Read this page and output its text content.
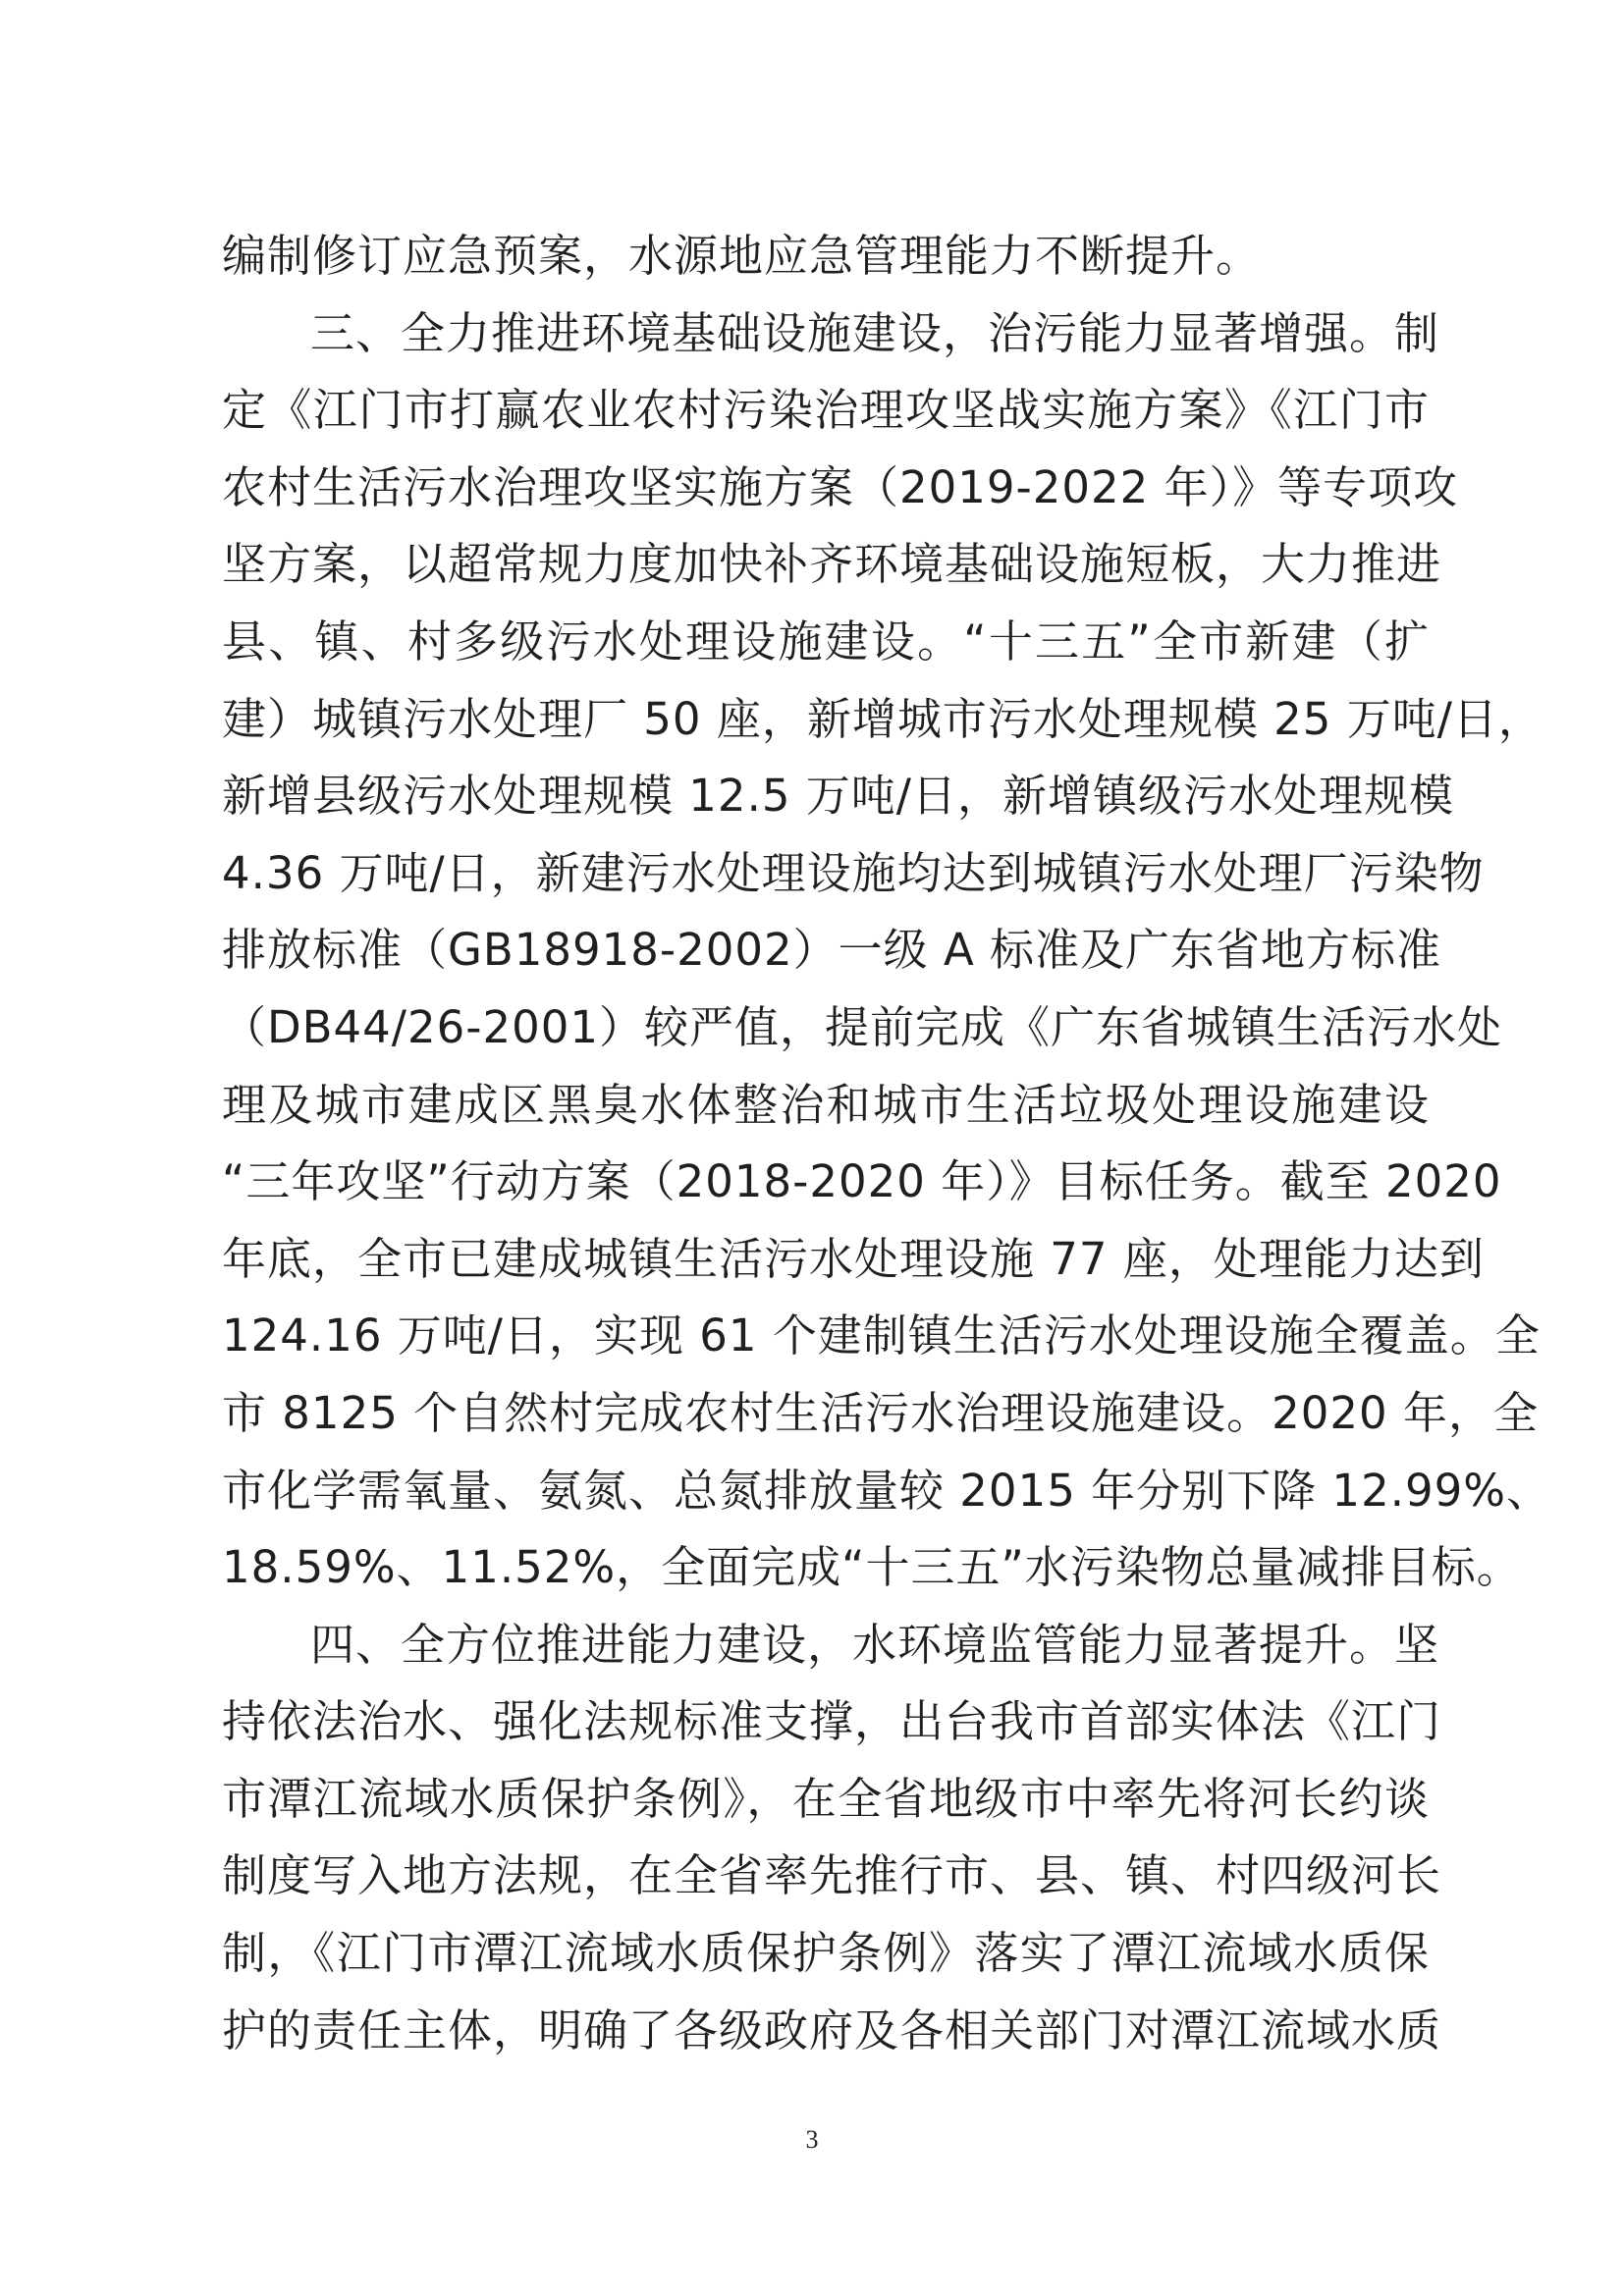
编制修订应急预案，水源地应急管理能力不断提升。
三、全力推进环境基础设施建设，治污能力显著增强。制
定《江门市打赢农业农村污染治理攻坚战实施方案》《江门市
农村生活污水治理攻坚实施方案（2019-2022 年）》等专项攻
坚方案，以超常规力度加快补齐环境基础设施短板，大力推进
县、镇、村多级污水处理设施建设。“十三五”全市新建（扩
建）城镇污水处理厂 50 座，新增城市污水处理规模 25 万吨/日，
新增县级污水处理规模 12.5 万吨/日，新增镇级污水处理规模
4.36 万吨/日，新建污水处理设施均达到城镇污水处理厂污染物
排放标准（GB18918-2002）一级 A 标准及广东省地方标准
（DB44/26-2001）较严值，提前完成《广东省城镇生活污水处
理及城市建成区黑臭水体整治和城市生活垃圾处理设施建设
“三年攻坚”行动方案（2018-2020 年）》目标任务。截至 2020
年底，全市已建成城镇生活污水处理设施 77 座，处理能力达到
124.16 万吨/日，实现 61 个建制镇生活污水处理设施全覆盖。全
市 8125 个自然村完成农村生活污水治理设施建设。2020 年，全
市化学需氧量、氨氮、总氮排放量较 2015 年分别下降 12.99%、
18.59%、11.52%，全面完成“十三五”水污染物总量减排目标。
四、全方位推进能力建设，水环境监管能力显著提升。坚
持依法治水、强化法规标准支撑，出台我市首部实体法《江门
市潭江流域水质保护条例》，在全省地级市中率先将河长约谈
制度写入地方法规，在全省率先推行市、县、镇、村四级河长
制，《江门市潭江流域水质保护条例》落实了潭江流域水质保
护的责任主体，明确了各级政府及各相关部门对潭江流域水质
3
